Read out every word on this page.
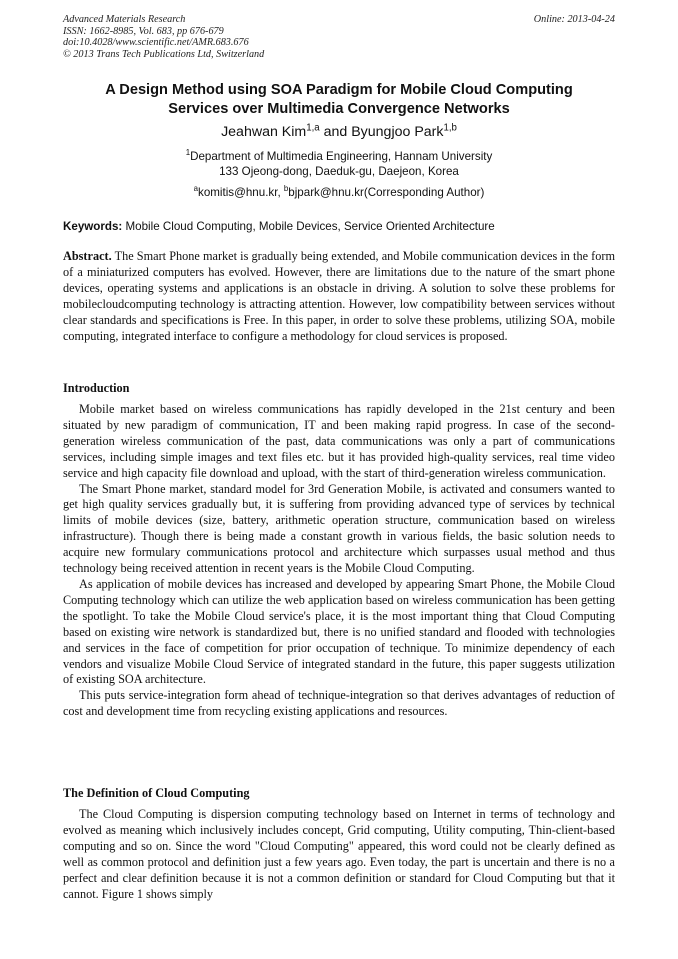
Advanced Materials Research
ISSN: 1662-8985, Vol. 683, pp 676-679
doi:10.4028/www.scientific.net/AMR.683.676
© 2013 Trans Tech Publications Ltd, Switzerland
Online: 2013-04-24
A Design Method using SOA Paradigm for Mobile Cloud Computing
Services over Multimedia Convergence Networks
Jeahwan Kim$^{1,a}$ and Byungjoo Park$^{1,b}$
$^1$Department of Multimedia Engineering, Hannam University
133 Ojeong-dong, Daeduk-gu, Daejeon, Korea
$^a$komitis@hnu.kr, $^b$bjpark@hnu.kr(Corresponding Author)
Keywords: Mobile Cloud Computing, Mobile Devices, Service Oriented Architecture
Abstract. The Smart Phone market is gradually being extended, and Mobile communication devices in the form of a miniaturized computers has evolved. However, there are limitations due to the nature of the smart phone devices, operating systems and applications is an obstacle in driving. A solution to solve these problems for mobilecloudcomputing technology is attracting attention. However, low compatibility between services without clear standards and specifications is Free. In this paper, in order to solve these problems, utilizing SOA, mobile computing, integrated interface to configure a methodology for cloud services is proposed.
Introduction

Mobile market based on wireless communications has rapidly developed in the 21st century and been situated by new paradigm of communication, IT and been making rapid progress. In case of the second-generation wireless communication of the past, data communications was only a part of communications services, including simple images and text files etc. but it has provided high-quality services, real time video service and high capacity file download and upload, with the start of third-generation wireless communication.

The Smart Phone market, standard model for 3rd Generation Mobile, is activated and consumers wanted to get high quality services gradually but, it is suffering from providing advanced type of services by technical limits of mobile devices (size, battery, arithmetic operation structure, communication based on wireless infrastructure). Though there is being made a constant growth in various fields, the basic solution needs to acquire new formulary communications protocol and architecture which surpasses usual method and thus technology being received attention in recent years is the Mobile Cloud Computing.

As application of mobile devices has increased and developed by appearing Smart Phone, the Mobile Cloud Computing technology which can utilize the web application based on wireless communication has been getting the spotlight. To take the Mobile Cloud service's place, it is the most important thing that Cloud Computing based on existing wire network is standardized but, there is no unified standard and flooded with technologies and services in the face of competition for prior occupation of technique. To minimize dependency of each vendors and visualize Mobile Cloud Service of integrated standard in the future, this paper suggests utilization of existing SOA architecture.

This puts service-integration form ahead of technique-integration so that derives advantages of reduction of cost and development time from recycling existing applications and resources.

The Definition of Cloud Computing

The Cloud Computing is dispersion computing technology based on Internet in terms of technology and evolved as meaning which inclusively includes concept, Grid computing, Utility computing, Thin-client-based computing and so on. Since the word "Cloud Computing" appeared, this word could not be clearly defined as well as common protocol and definition just a few years ago. Even today, the part is uncertain and there is no a perfect and clear definition because it is not a common definition or standard for Cloud Computing but that it cannot. Figure 1 shows simply
